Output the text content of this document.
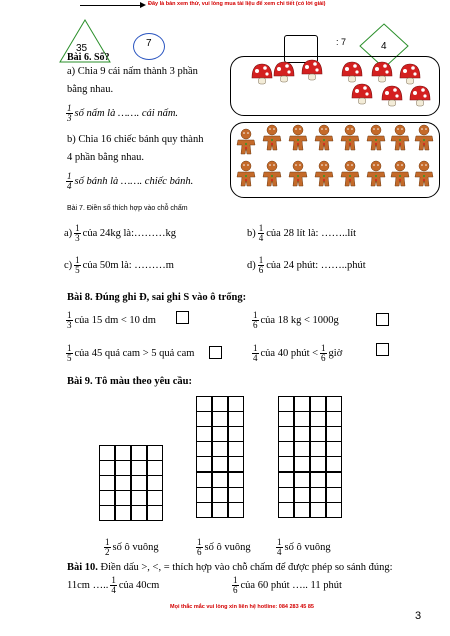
Đây là bản xem thử, vui lòng mua tài liệu để xem chi tiết (có lời giải)
35	7	: 7	4
Bài 6. Số?
a) Chia 9 cái nấm thành 3 phần
bằng nhau.
$\frac{1}{3}$ số nấm là ……. cái nấm.
b) Chia 16 chiếc bánh quy thành
4 phần bằng nhau.
$\frac{1}{4}$ số bánh là ……. chiếc bánh.
Bài 7. Điền số thích hợp vào chỗ chấm
$a) \frac{1}{3}$ của 24kg là:………kg	$b) \frac{1}{4}$ của 28 lít là: ……..lít
$c) \frac{1}{5}$ của 50m là: ………m	$d) \frac{1}{6}$ của 24 phút: ……..phút
Bài 8. Đúng ghi Đ, sai ghi S vào ô trống:
$\frac{1}{3}$ của 15 dm < 10 dm	$\frac{1}{6}$ của 18 kg < 1000g
$\frac{1}{5}$ của 45 quả cam > 5 quả cam	$\frac{1}{4}$ của 40 phút < $\frac{1}{6}$ giờ
Bài 9. Tô màu theo yêu cầu:
$\frac{1}{2}$ số ô vuông	$\frac{1}{6}$ số ô vuông	$\frac{1}{4}$ số ô vuông
Bài 10.
Điền dấu >, <, = thích hợp vào chỗ chấm để được phép so sánh đúng:
11cm ….. $\frac{1}{4}$ của 40cm	$\frac{1}{6}$ của 60 phút ….. 11 phút
Mọi thắc mắc vui lòng xin liên hệ hotline: 084 283 45 85
3
